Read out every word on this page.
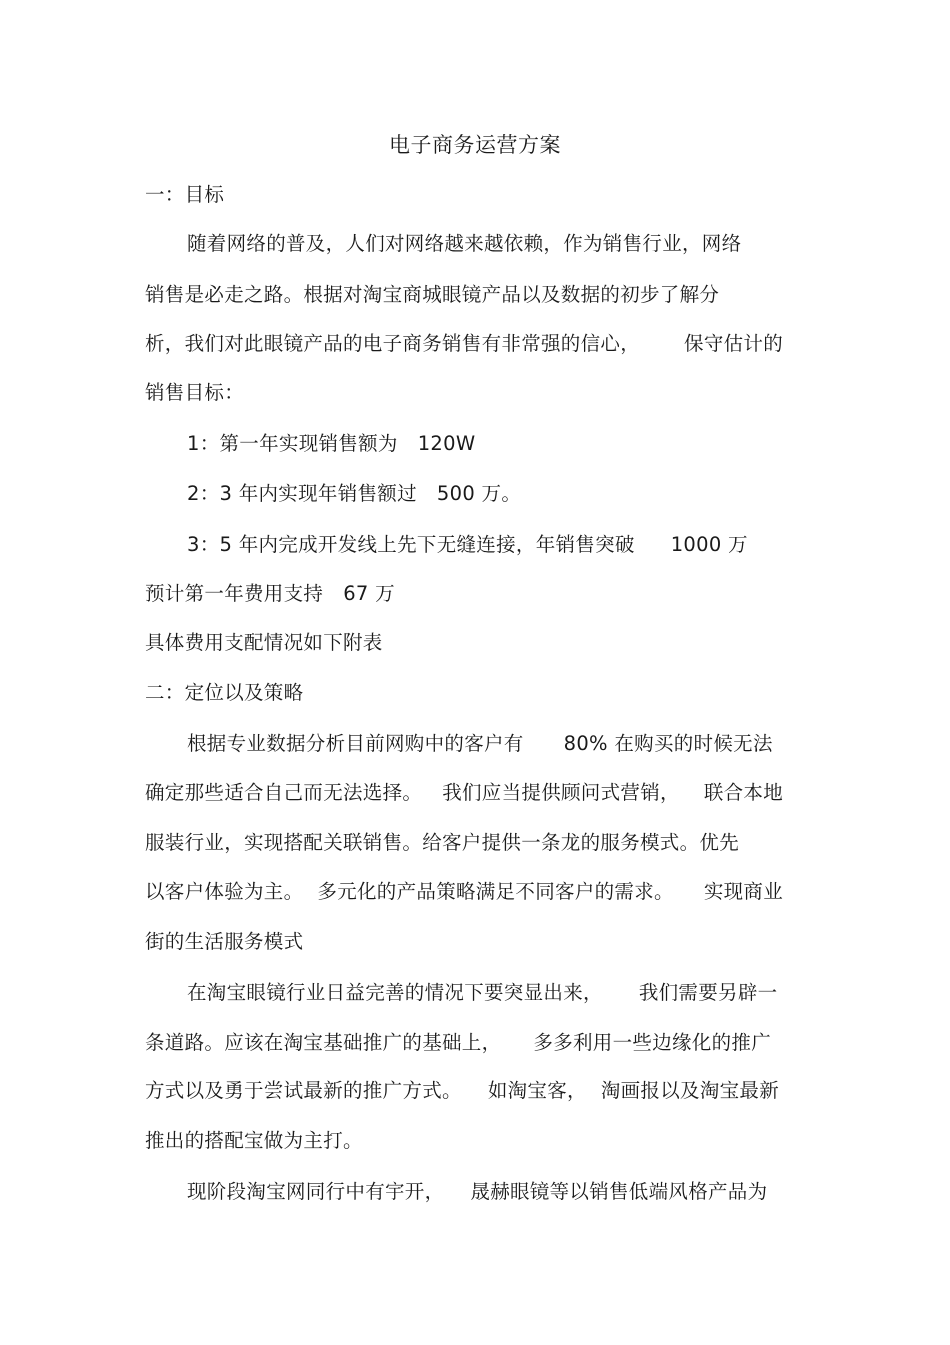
电子商务运营方案
一：目标
随着网络的普及，人们对网络越来越依赖，作为销售行业，网络
销售是必走之路。根据对淘宝商城眼镜产品以及数据的初步了解分
析，我们对此眼镜产品的电子商务销售有非常强的信心， 保守估计的
销售目标：
1：第一年实现销售额为 120W
2：3 年内实现年销售额过 500 万。
3：5 年内完成开发线上先下无缝连接，年销售突破 1000 万
预计第一年费用支持 67 万
具体费用支配情况如下附表
二：定位以及策略
根据专业数据分析目前网购中的客户有 80% 在购买的时候无法
确定那些适合自己而无法选择。 我们应当提供顾问式营销， 联合本地
服装行业，实现搭配关联销售。给客户提供一条龙的服务模式。优先
以客户体验为主。 多元化的产品策略满足不同客户的需求。 实现商业
街的生活服务模式
在淘宝眼镜行业日益完善的情况下要突显出来， 我们需要另辟一
条道路。应该在淘宝基础推广的基础上， 多多利用一些边缘化的推广
方式以及勇于尝试最新的推广方式。 如淘宝客， 淘画报以及淘宝最新
推出的搭配宝做为主打。
现阶段淘宝网同行中有宇开， 晟赫眼镜等以销售低端风格产品为
